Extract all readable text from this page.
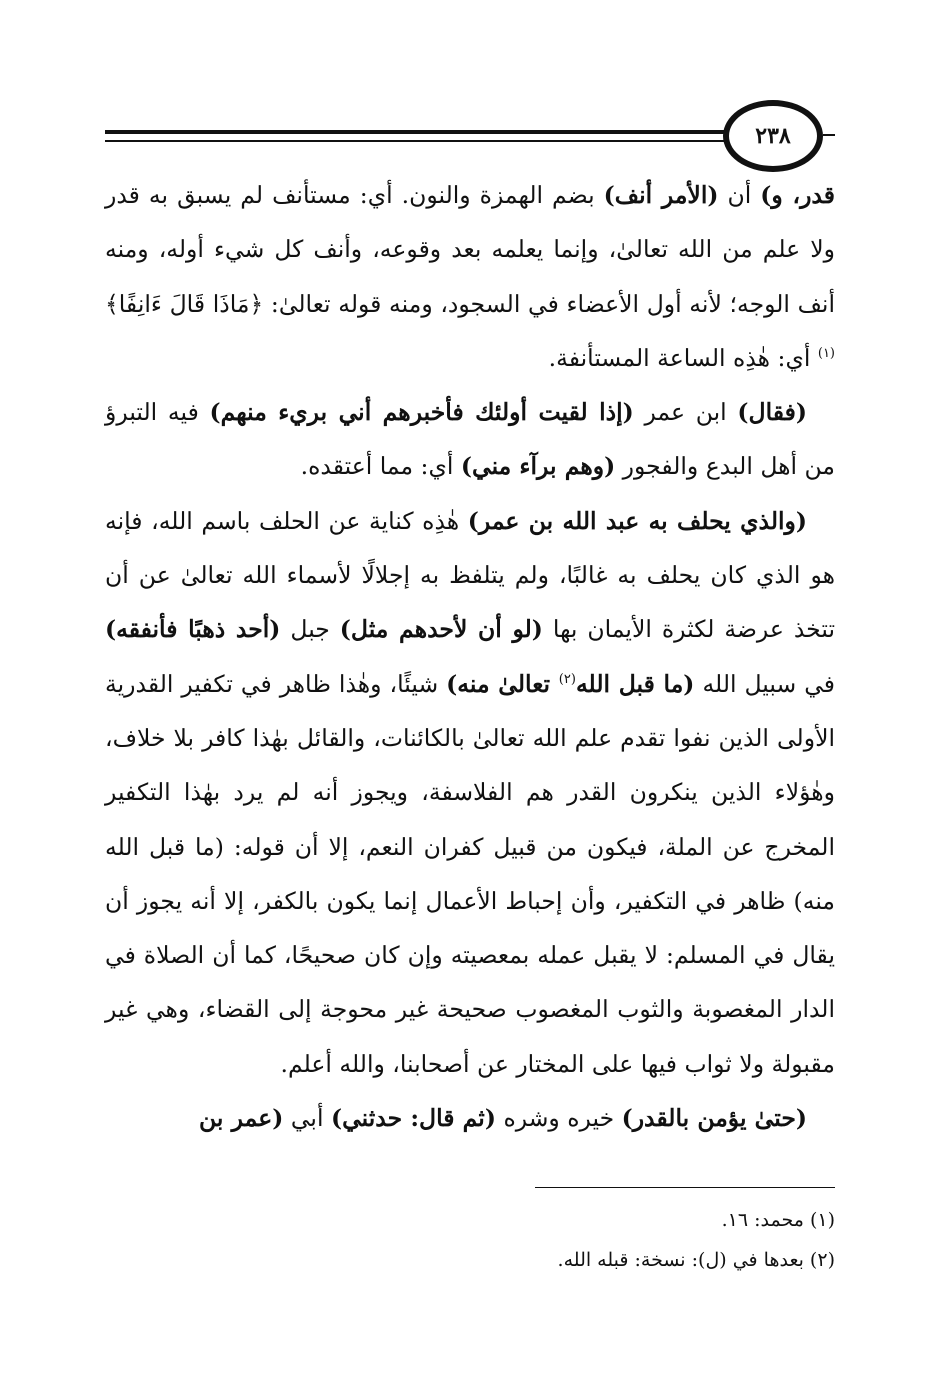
٢٣٨

قدر، و) أن (الأمر أنف) بضم الهمزة والنون. أي: مستأنف لم يسبق به قدر ولا علم من الله تعالىٰ، وإنما يعلمه بعد وقوعه، وأنف كل شيء أوله، ومنه أنف الوجه؛ لأنه أول الأعضاء في السجود، ومنه قوله تعالىٰ: ﴿مَاذَا قَالَ ءَانِفًا﴾$^{(١)}$ أي: هٰذِه الساعة المستأنفة.

(فقال) ابن عمر (إذا لقيت أولئك فأخبرهم أني بريء منهم) فيه التبرؤ من أهل البدع والفجور (وهم برآء مني) أي: مما أعتقده.

(والذي يحلف به عبد الله بن عمر) هٰذِه كناية عن الحلف باسم الله، فإنه هو الذي كان يحلف به غالبًا، ولم يتلفظ به إجلالًا لأسماء الله تعالىٰ عن أن تتخذ عرضة لكثرة الأيمان بها (لو أن لأحدهم مثل) جبل (أحد ذهبًا فأنفقه) في سبيل الله (ما قبل الله$^{(٢)}$ تعالىٰ منه) شيئًا، وهٰذا ظاهر في تكفير القدرية الأولى الذين نفوا تقدم علم الله تعالىٰ بالكائنات، والقائل بهٰذا كافر بلا خلاف، وهٰؤلاء الذين ينكرون القدر هم الفلاسفة، ويجوز أنه لم يرد بهٰذا التكفير المخرج عن الملة، فيكون من قبيل كفران النعم، إلا أن قوله: (ما قبل الله منه) ظاهر في التكفير، وأن إحباط الأعمال إنما يكون بالكفر، إلا أنه يجوز أن يقال في المسلم: لا يقبل عمله بمعصيته وإن كان صحيحًا، كما أن الصلاة في الدار المغصوبة والثوب المغصوب صحيحة غير محوجة إلى القضاء، وهي غير مقبولة ولا ثواب فيها على المختار عن أصحابنا، والله أعلم.

(حتىٰ يؤمن بالقدر) خيره وشره (ثم قال: حدثني) أبي (عمر بن

(١) محمد: ١٦.

(٢) بعدها في (ل): نسخة: قبله الله.
